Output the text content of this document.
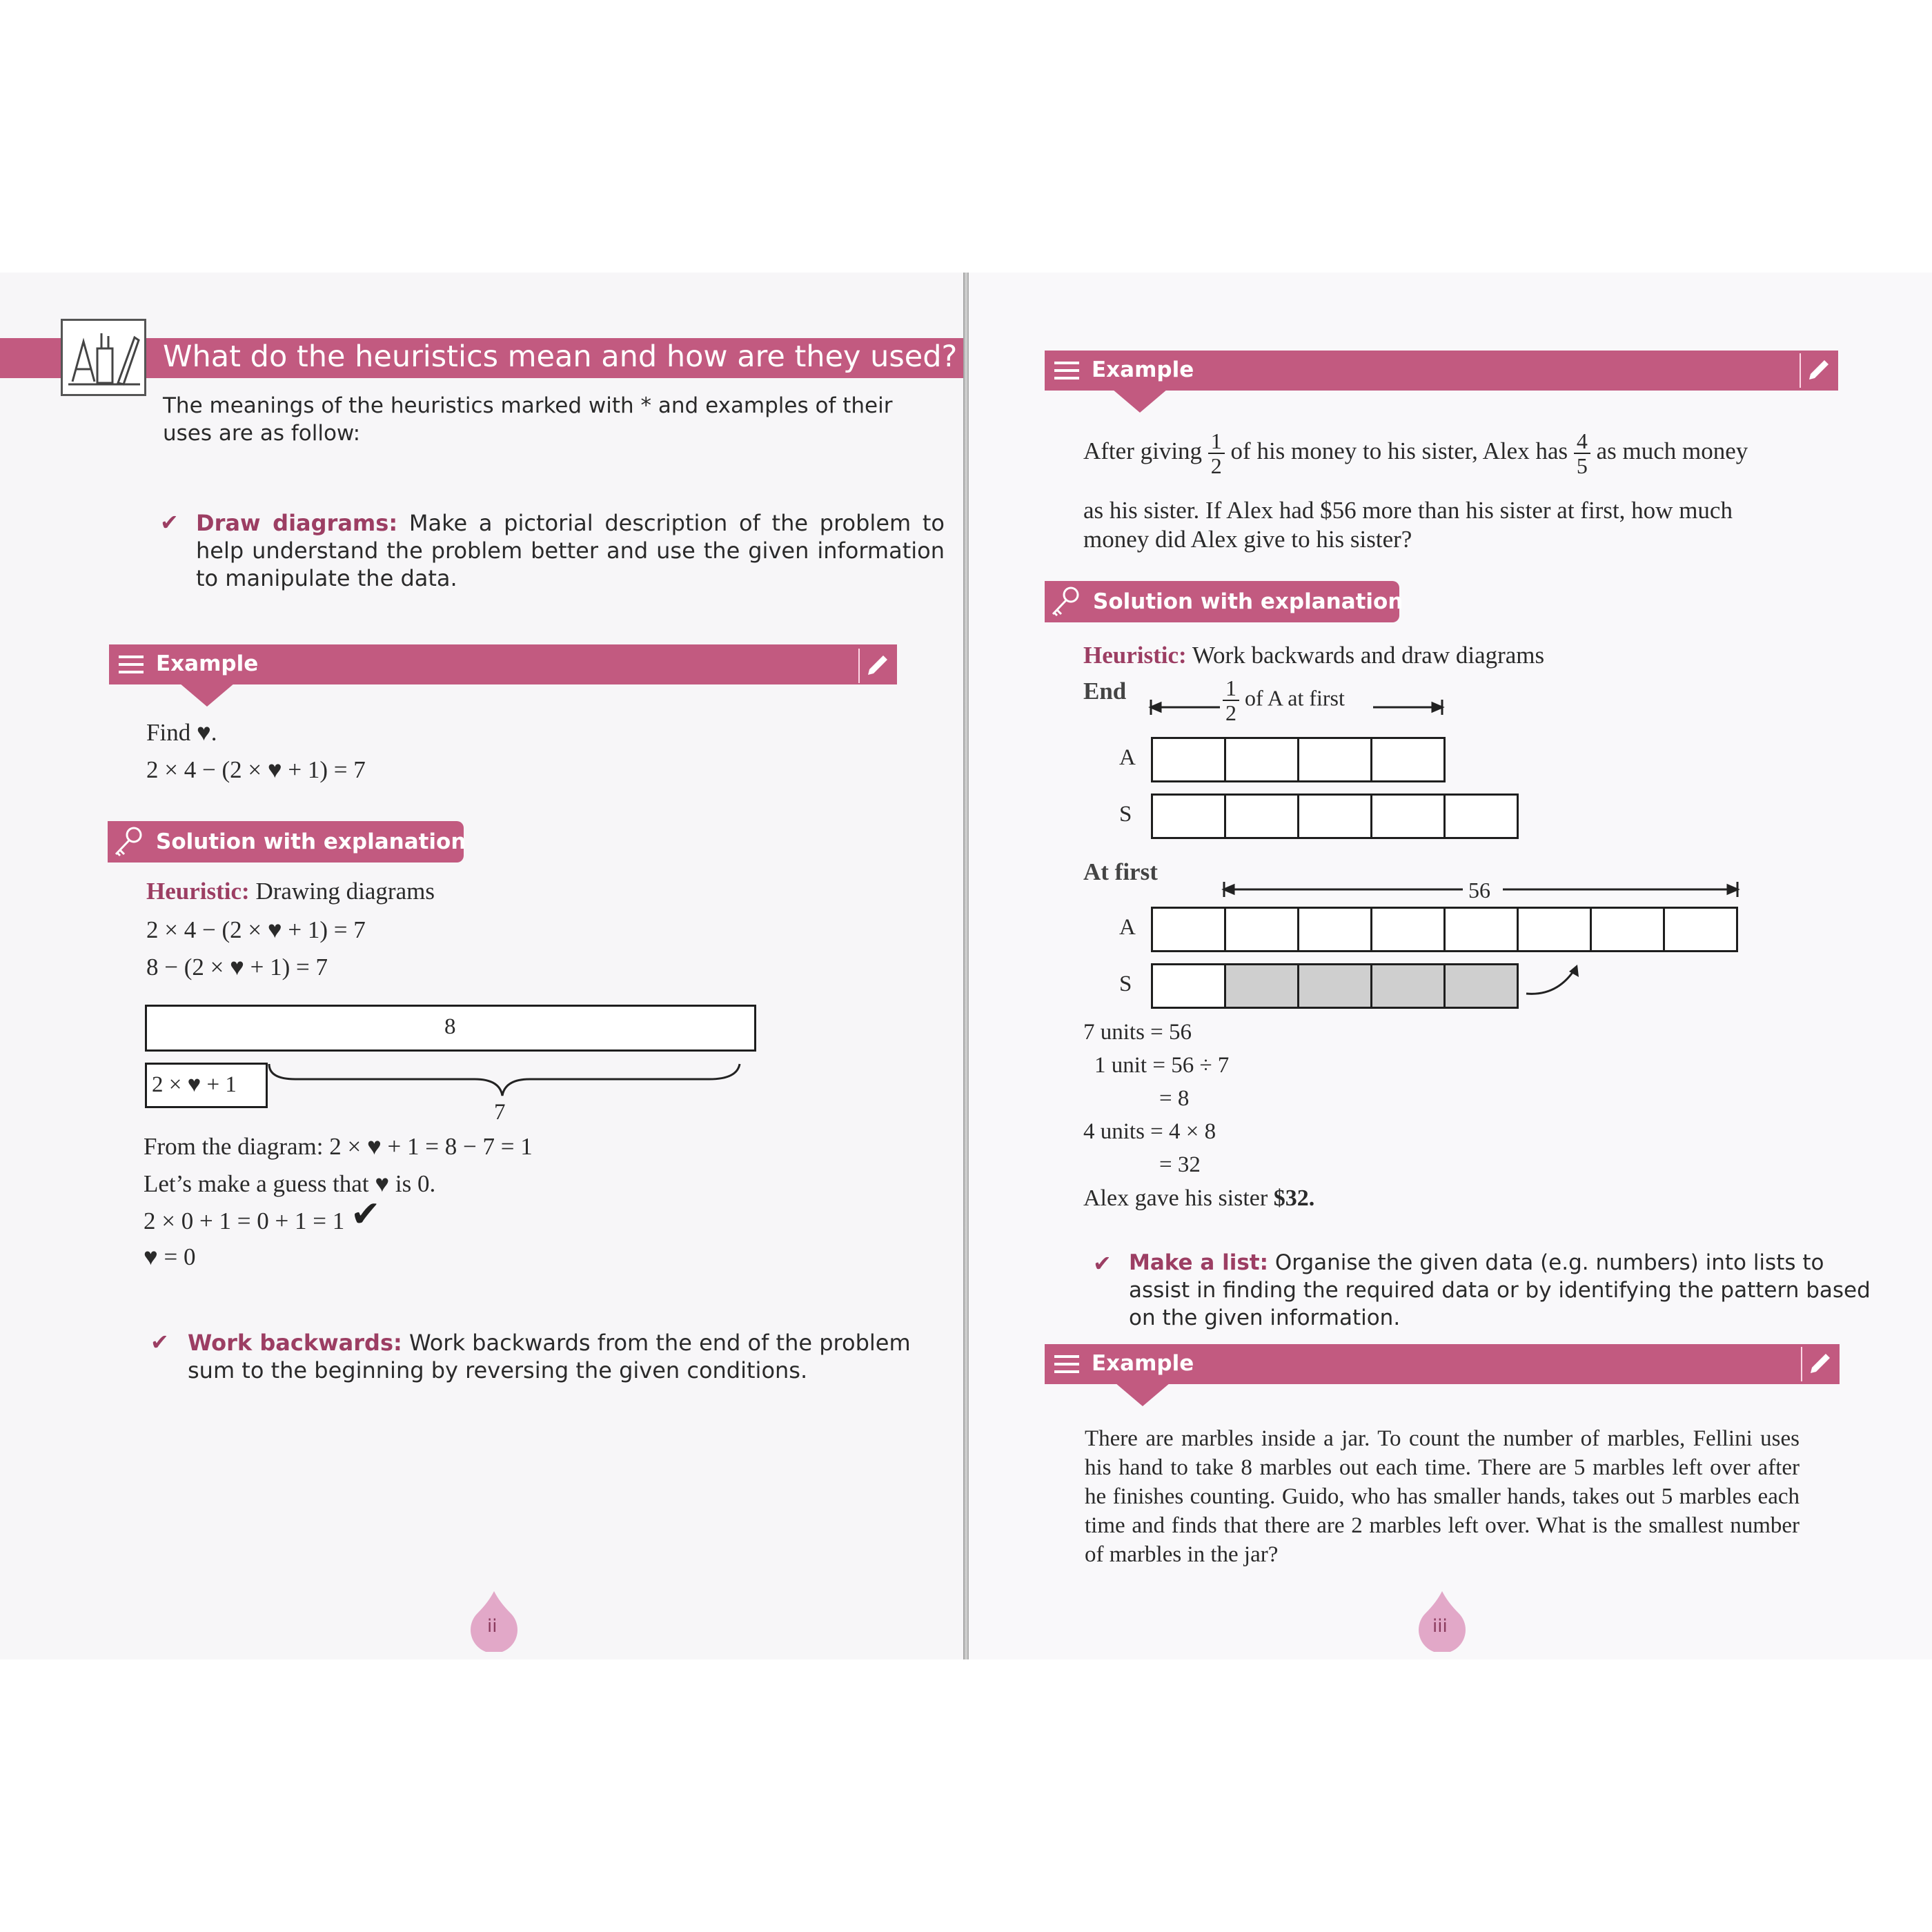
What do the heuristics mean and how are they used?
The meanings of the heuristics marked with * and examples of their uses are as follow:
✔ Draw diagrams: Make a pictorial description of the problem to help understand the problem better and use the given information to manipulate the data.
Example
Find ♥.
2 × 4 − (2 × ♥ + 1) = 7
Solution with explanation
Heuristic: Drawing diagrams
2 × 4 − (2 × ♥ + 1) = 7
8 − (2 × ♥ + 1) = 7
8
2 × ♥ + 1
7
From the diagram: 2 × ♥ + 1 = 8 − 7 = 1
Let’s make a guess that ♥ is 0.
2 × 0 + 1 = 0 + 1 = 1 ✔
♥ = 0
✔ Work backwards: Work backwards from the end of the problem sum to the beginning by reversing the given conditions.
ii
Example
After giving $\frac{1}{2}$ of his money to his sister, Alex has $\frac{4}{5}$ as much money
as his sister. If Alex had $56 more than his sister at first, how much
money did Alex give to his sister?
Solution with explanation
Heuristic: Work backwards and draw diagrams
End	$\frac{1}{2}$ of A at first
A
S
At first
56
A
S
7 units = 56
1 unit = 56 ÷ 7
= 8
4 units = 4 × 8
= 32
Alex gave his sister $32.
✔ Make a list: Organise the given data (e.g. numbers) into lists to assist in finding the required data or by identifying the pattern based on the given information.
Example
There are marbles inside a jar. To count the number of marbles, Fellini uses his hand to take 8 marbles out each time. There are 5 marbles left over after he finishes counting. Guido, who has smaller hands, takes out 5 marbles each time and finds that there are 2 marbles left over. What is the smallest number of marbles in the jar?
iii
